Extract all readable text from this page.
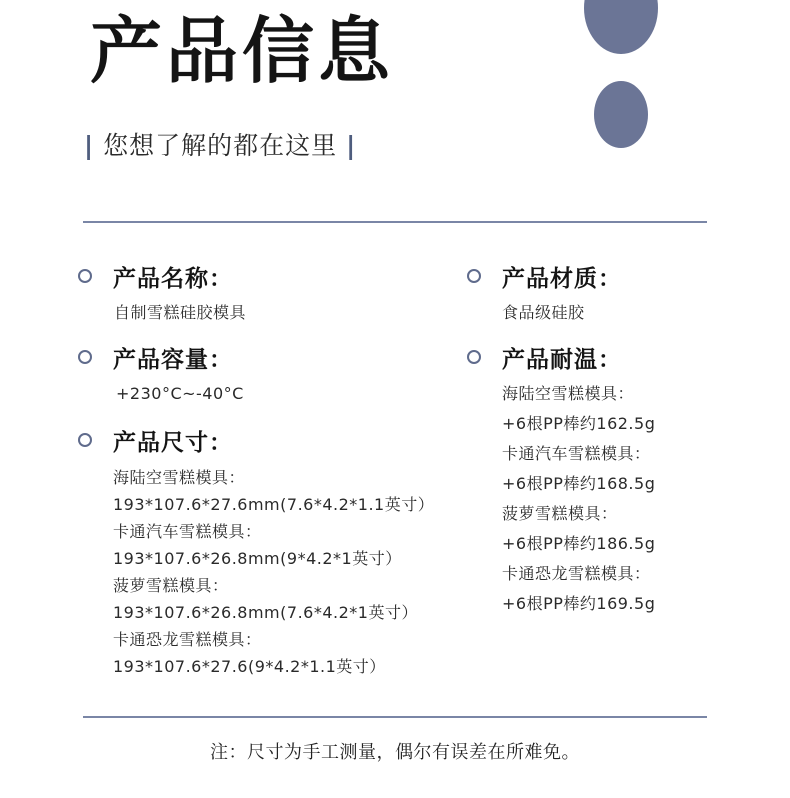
产品信息
| 您想了解的都在这里 |
产品名称：
自制雪糕硅胶模具
产品容量：
+230°C~-40°C
产品尺寸：
海陆空雪糕模具：
193*107.6*27.6mm(7.6*4.2*1.1英寸）
卡通汽车雪糕模具：
193*107.6*26.8mm(9*4.2*1英寸）
菠萝雪糕模具：
193*107.6*26.8mm(7.6*4.2*1英寸）
卡通恐龙雪糕模具：
193*107.6*27.6(9*4.2*1.1英寸）
产品材质：
食品级硅胶
产品耐温：
海陆空雪糕模具：
+6根PP棒约162.5g
卡通汽车雪糕模具：
+6根PP棒约168.5g
菠萝雪糕模具：
+6根PP棒约186.5g
卡通恐龙雪糕模具：
+6根PP棒约169.5g
注：尺寸为手工测量，偶尔有误差在所难免。
